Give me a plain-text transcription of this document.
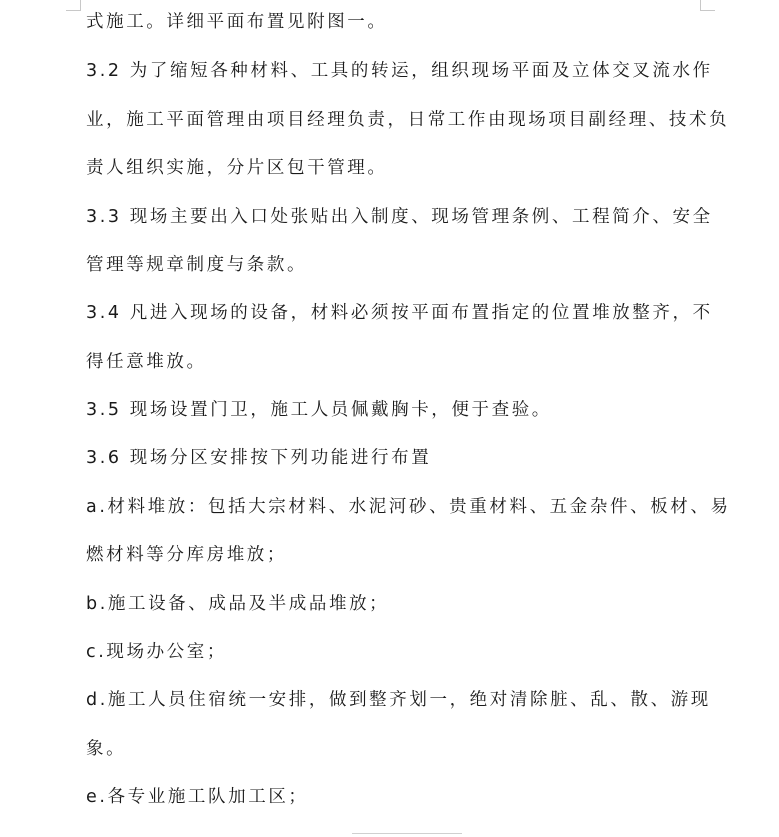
式施工。详细平面布置见附图一。
3.2 为了缩短各种材料、工具的转运，组织现场平面及立体交叉流水作
业，施工平面管理由项目经理负责，日常工作由现场项目副经理、技术负
责人组织实施，分片区包干管理。
3.3 现场主要出入口处张贴出入制度、现场管理条例、工程简介、安全
管理等规章制度与条款。
3.4 凡进入现场的设备，材料必须按平面布置指定的位置堆放整齐，不
得任意堆放。
3.5 现场设置门卫，施工人员佩戴胸卡，便于查验。
3.6 现场分区安排按下列功能进行布置
a.材料堆放：包括大宗材料、水泥河砂、贵重材料、五金杂件、板材、易
燃材料等分库房堆放；
b.施工设备、成品及半成品堆放；
c.现场办公室；
d.施工人员住宿统一安排，做到整齐划一，绝对清除脏、乱、散、游现
象。
e.各专业施工队加工区；
